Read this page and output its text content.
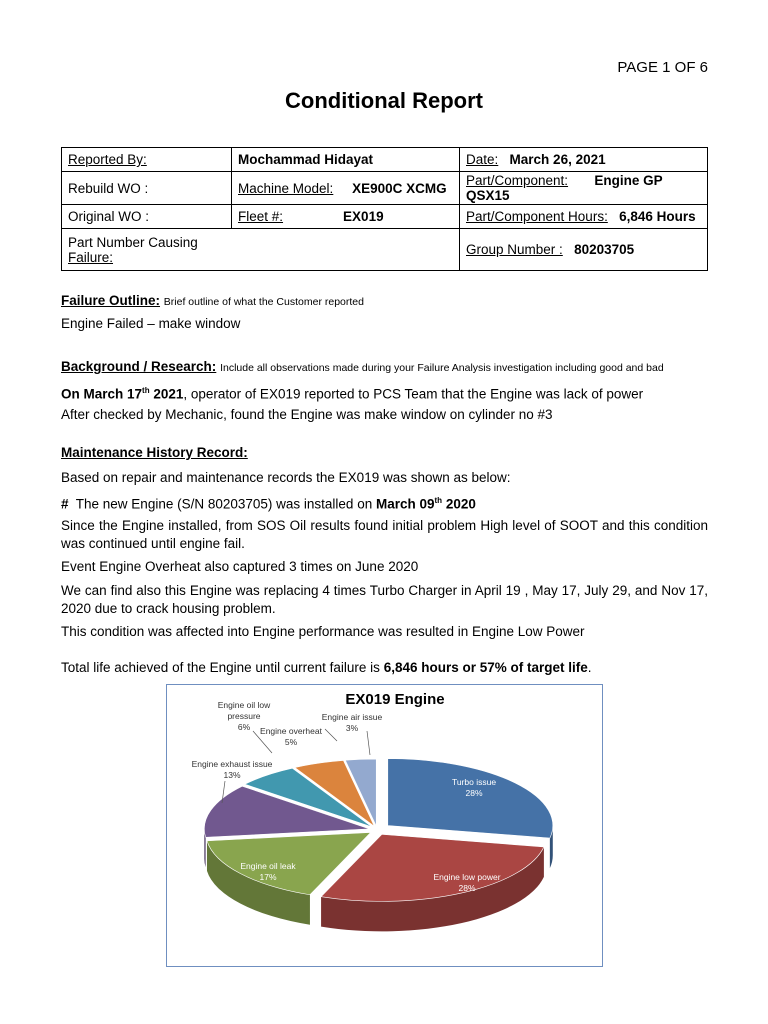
PAGE 1 OF 6
Conditional Report
Reported By:	Mochammad Hidayat	Date: March 26, 2021
Rebuild WO :	Machine Model: XE900C XCMG	Part/Component: Engine GP QSX15
Original WO :	Fleet #: EX019	Part/Component Hours: 6,846 Hours
Part Number Causing
Failure:		Group Number : 80203705
Failure Outline: Brief outline of what the Customer reported
Engine Failed – make window
Background / Research: Include all observations made during your Failure Analysis investigation including good and bad
On March 17th 2021, operator of EX019 reported to PCS Team that the Engine was lack of power
After checked by Mechanic, found the Engine was make window on cylinder no #3
Maintenance History Record:
Based on repair and maintenance records the EX019 was shown as below:
#  The new Engine (S/N 80203705) was installed on March 09th 2020
Since the Engine installed, from SOS Oil results found initial problem High level of SOOT and this condition was continued until engine fail.
Event Engine Overheat also captured 3 times on June 2020
We can find also this Engine was replacing 4 times Turbo Charger in April 19 , May 17, July 29, and Nov 17, 2020 due to crack housing problem.
This condition was affected into Engine performance was resulted in Engine Low Power
Total life achieved of the Engine until current failure is 6,846 hours or 57% of target life.
EX019 Engine
Turbo issue 28%
Engine low power 28%
Engine oil leak 17%
Engine exhaust issue 13%
Engine oil low pressure 6%	Engine overheat 5%
Engine air issue 3%
